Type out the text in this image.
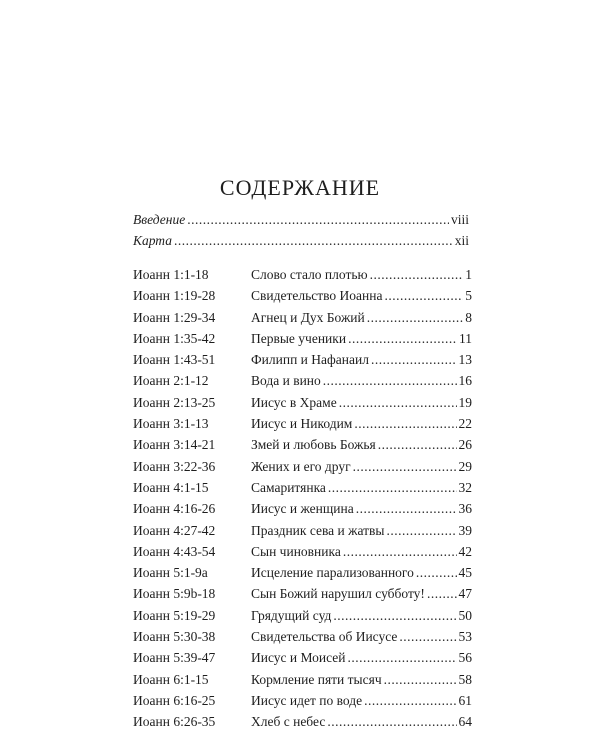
СОДЕРЖАНИЕ
Введение .....	viii
Карта .....	xii
Иоанн 1:1-18	Слово стало плотью .....	1
Иоанн 1:19-28	Свидетельство Иоанна .....	5
Иоанн 1:29-34	Агнец и Дух Божий .....	8
Иоанн 1:35-42	Первые ученики .....	11
Иоанн 1:43-51	Филипп и Нафанаил .....	13
Иоанн 2:1-12	Вода и вино .....	16
Иоанн 2:13-25	Иисус в Храме .....	19
Иоанн 3:1-13	Иисус и Никодим .....	22
Иоанн 3:14-21	Змей и любовь Божья .....	26
Иоанн 3:22-36	Жених и его друг .....	29
Иоанн 4:1-15	Самаритянка .....	32
Иоанн 4:16-26	Иисус и женщина .....	36
Иоанн 4:27-42	Праздник сева и жатвы .....	39
Иоанн 4:43-54	Сын чиновника .....	42
Иоанн 5:1-9а	Исцеление парализованного .....	45
Иоанн 5:9b-18	Сын Божий нарушил субботу! ..... 47
Иоанн 5:19-29	Грядущий суд .....	50
Иоанн 5:30-38	Свидетельства об Иисусе .....	53
Иоанн 5:39-47	Иисус и Моисей .....	56
Иоанн 6:1-15	Кормление пяти тысяч .....	58
Иоанн 6:16-25	Иисус идет по воде .....	61
Иоанн 6:26-35	Хлеб с небес .....	64
